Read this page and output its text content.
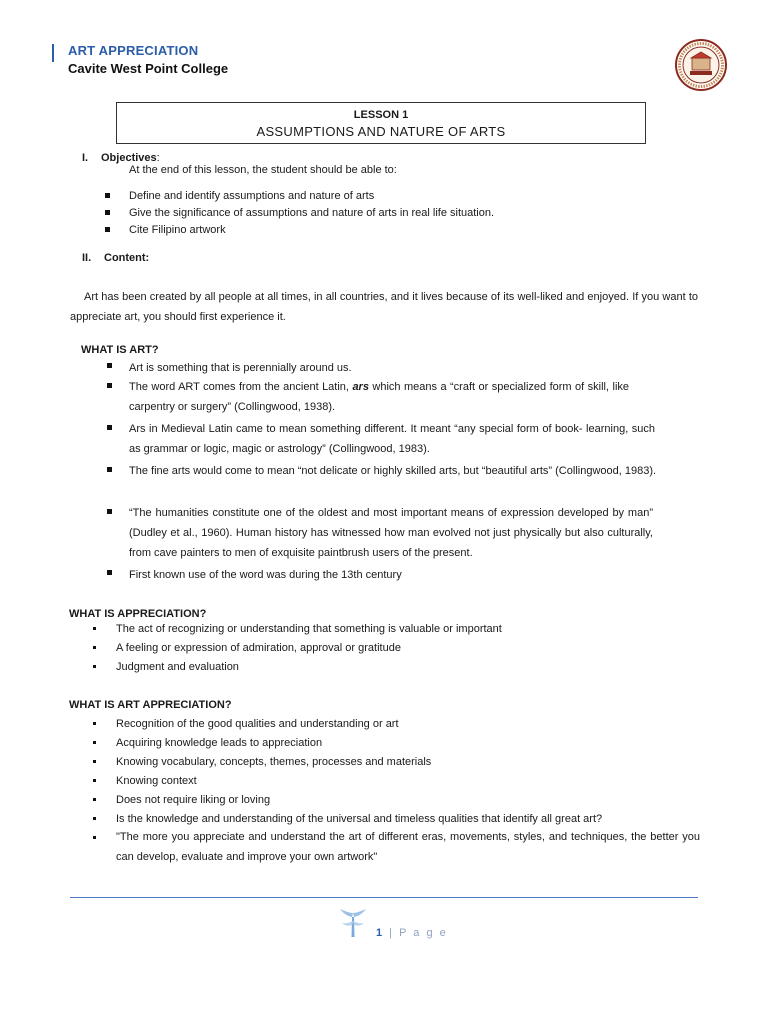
ART APPRECIATION
Cavite West Point College
LESSON 1
ASSUMPTIONS AND NATURE OF ARTS
I. Objectives:
At the end of this lesson, the student should be able to:
Define and identify assumptions and nature of arts
Give the significance of assumptions and nature of arts in real life situation.
Cite Filipino artwork
II. Content:
Art has been created by all people at all times, in all countries, and it lives because of its well-liked and enjoyed. If you want to appreciate art, you should first experience it.
WHAT IS ART?
Art is something that is perennially around us.
The word ART comes from the ancient Latin, ars which means a “craft or specialized form of skill, like carpentry or surgery” (Collingwood, 1938).
Ars in Medieval Latin came to mean something different. It meant “any special form of book- learning, such as grammar or logic, magic or astrology” (Collingwood, 1983).
The fine arts would come to mean “not delicate or highly skilled arts, but “beautiful arts” (Collingwood, 1983).
“The humanities constitute one of the oldest and most important means of expression developed by man” (Dudley et al., 1960). Human history has witnessed how man evolved not just physically but also culturally, from cave painters to men of exquisite paintbrush users of the present.
First known use of the word was during the 13th century
WHAT IS APPRECIATION?
The act of recognizing or understanding that something is valuable or important
A feeling or expression of admiration, approval or gratitude
Judgment and evaluation
WHAT IS ART APPRECIATION?
Recognition of the good qualities and understanding or art
Acquiring knowledge leads to appreciation
Knowing vocabulary, concepts, themes, processes and materials
Knowing context
Does not require liking or loving
Is the knowledge and understanding of the universal and timeless qualities that identify all great art?
"The more you appreciate and understand the art of different eras, movements, styles, and techniques, the better you can develop, evaluate and improve your own artwork"
1 | P a g e
